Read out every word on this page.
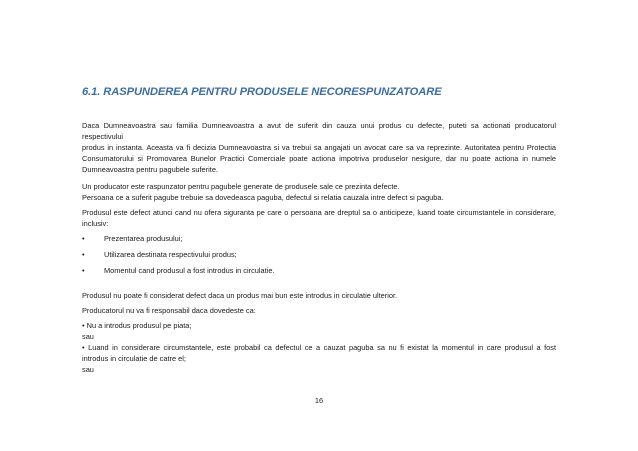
6.1. RASPUNDEREA PENTRU PRODUSELE NECORESPUNZATOARE

Daca Dumneavoastra sau familia Dumneavoastra a avut de suferit din cauza unui produs cu defecte, puteti sa actionati producatorul respectivului
produs in instanta. Aceasta va fi decizia Dumneavoastra si va trebui sa angajati un avocat care sa va reprezinte. Autoritatea pentru Protectia
Consumatorului si Promovarea Bunelor Practici Comerciale poate actiona impotriva produselor nesigure, dar nu poate actiona in numele
Dumneavoastra pentru pagubele suferite.

Un producator este raspunzator pentru pagubele generate de produsele sale ce prezinta defecte.
Persoana ce a suferit pagube trebuie sa dovedeasca paguba, defectul si relatia cauzala intre defect si paguba.

Produsul este defect atunci cand nu ofera siguranta pe care o persoana are dreptul sa o anticipeze, luand toate circumstantele in considerare,
inclusiv:

•	Prezentarea produsului;
•	Utilizarea destinata respectivului produs;
•	Momentul cand produsul a fost introdus in circulatie.

Produsul nu poate fi considerat defect daca un produs mai bun este introdus in circulatie ulterior.

Producatorul nu va fi responsabil daca dovedeste ca:

• Nu a introdus produsul pe piata;

sau

• Luand in considerare circumstantele, este probabil ca defectul ce a cauzat paguba sa nu fi existat la momentul in care produsul a fost
introdus in circulatie de catre el;

sau

16
